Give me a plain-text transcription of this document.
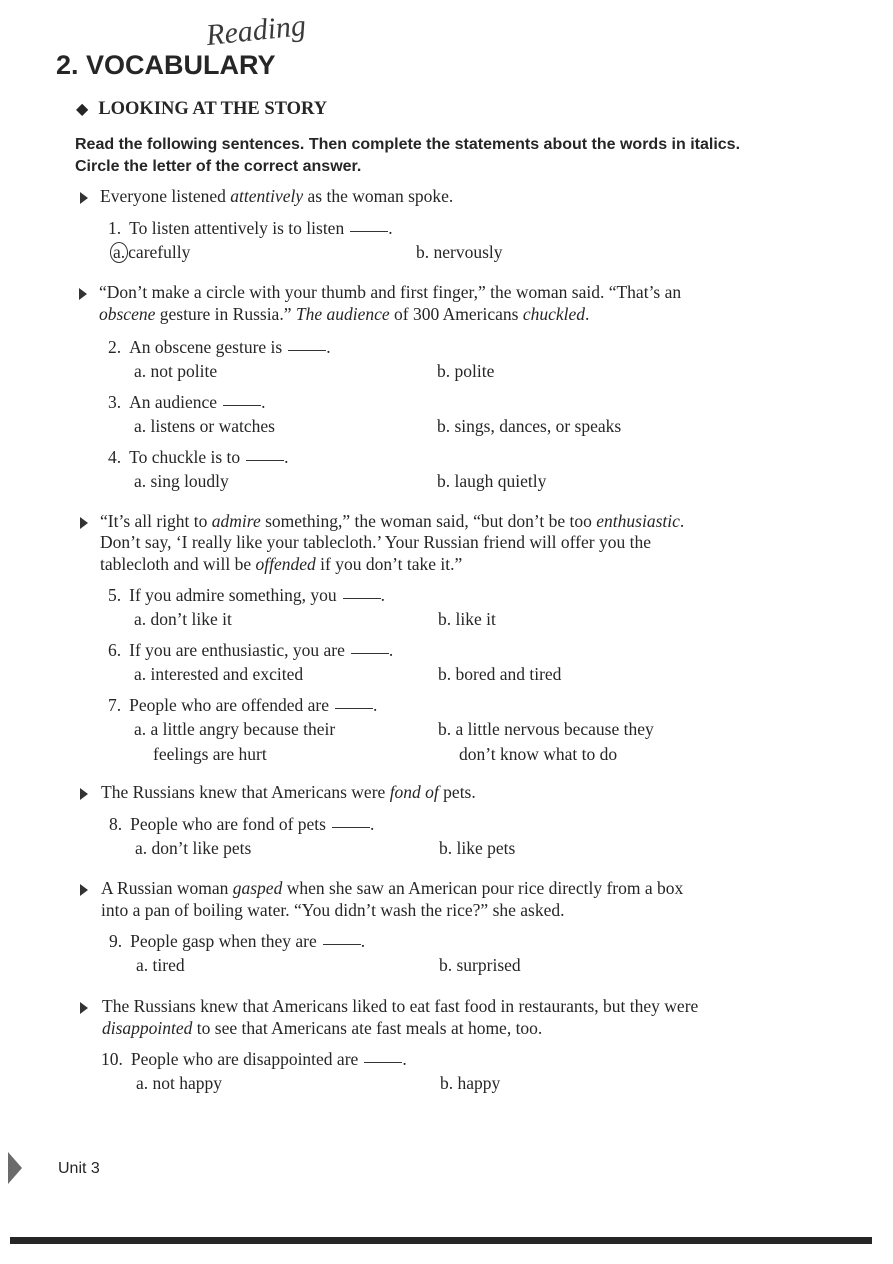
Reading
2. VOCABULARY
◆ LOOKING AT THE STORY
Read the following sentences. Then complete the statements about the words in italics.
Circle the letter of the correct answer.
Everyone listened attentively as the woman spoke.
“Don’t make a circle with your thumb and first finger,” the woman said. “That’s an
obscene gesture in Russia.” The audience of 300 Americans chuckled.
“It’s all right to admire something,” the woman said, “but don’t be too enthusiastic.
Don’t say, ‘I really like your tablecloth.’ Your Russian friend will offer you the
tablecloth and will be offended if you don’t take it.”
The Russians knew that Americans were fond of pets.
A Russian woman gasped when she saw an American pour rice directly from a box
into a pan of boiling water. “You didn’t wash the rice?” she asked.
The Russians knew that Americans liked to eat fast food in restaurants, but they were
disappointed to see that Americans ate fast meals at home, too.
1. To listen attentively is to listen	.
a. carefully	b. nervously
2. An obscene gesture is	.
a. not polite	b. polite
3. An audience	.
a. listens or watches	b. sings, dances, or speaks
4. To chuckle is to	.
a. sing loudly	b. laugh quietly
5. If you admire something, you	.
a. don’t like it	b. like it
6. If you are enthusiastic, you are	.
a. interested and excited	b. bored and tired
7. People who are offended are	.
a. a little angry because their	b. a little nervous because they
feelings are hurt	don’t know what to do
8. People who are fond of pets	.
a. don’t like pets	b. like pets
9. People gasp when they are	.
a. tired	b. surprised
10. People who are disappointed are	.
a. not happy	b. happy
Unit 3
